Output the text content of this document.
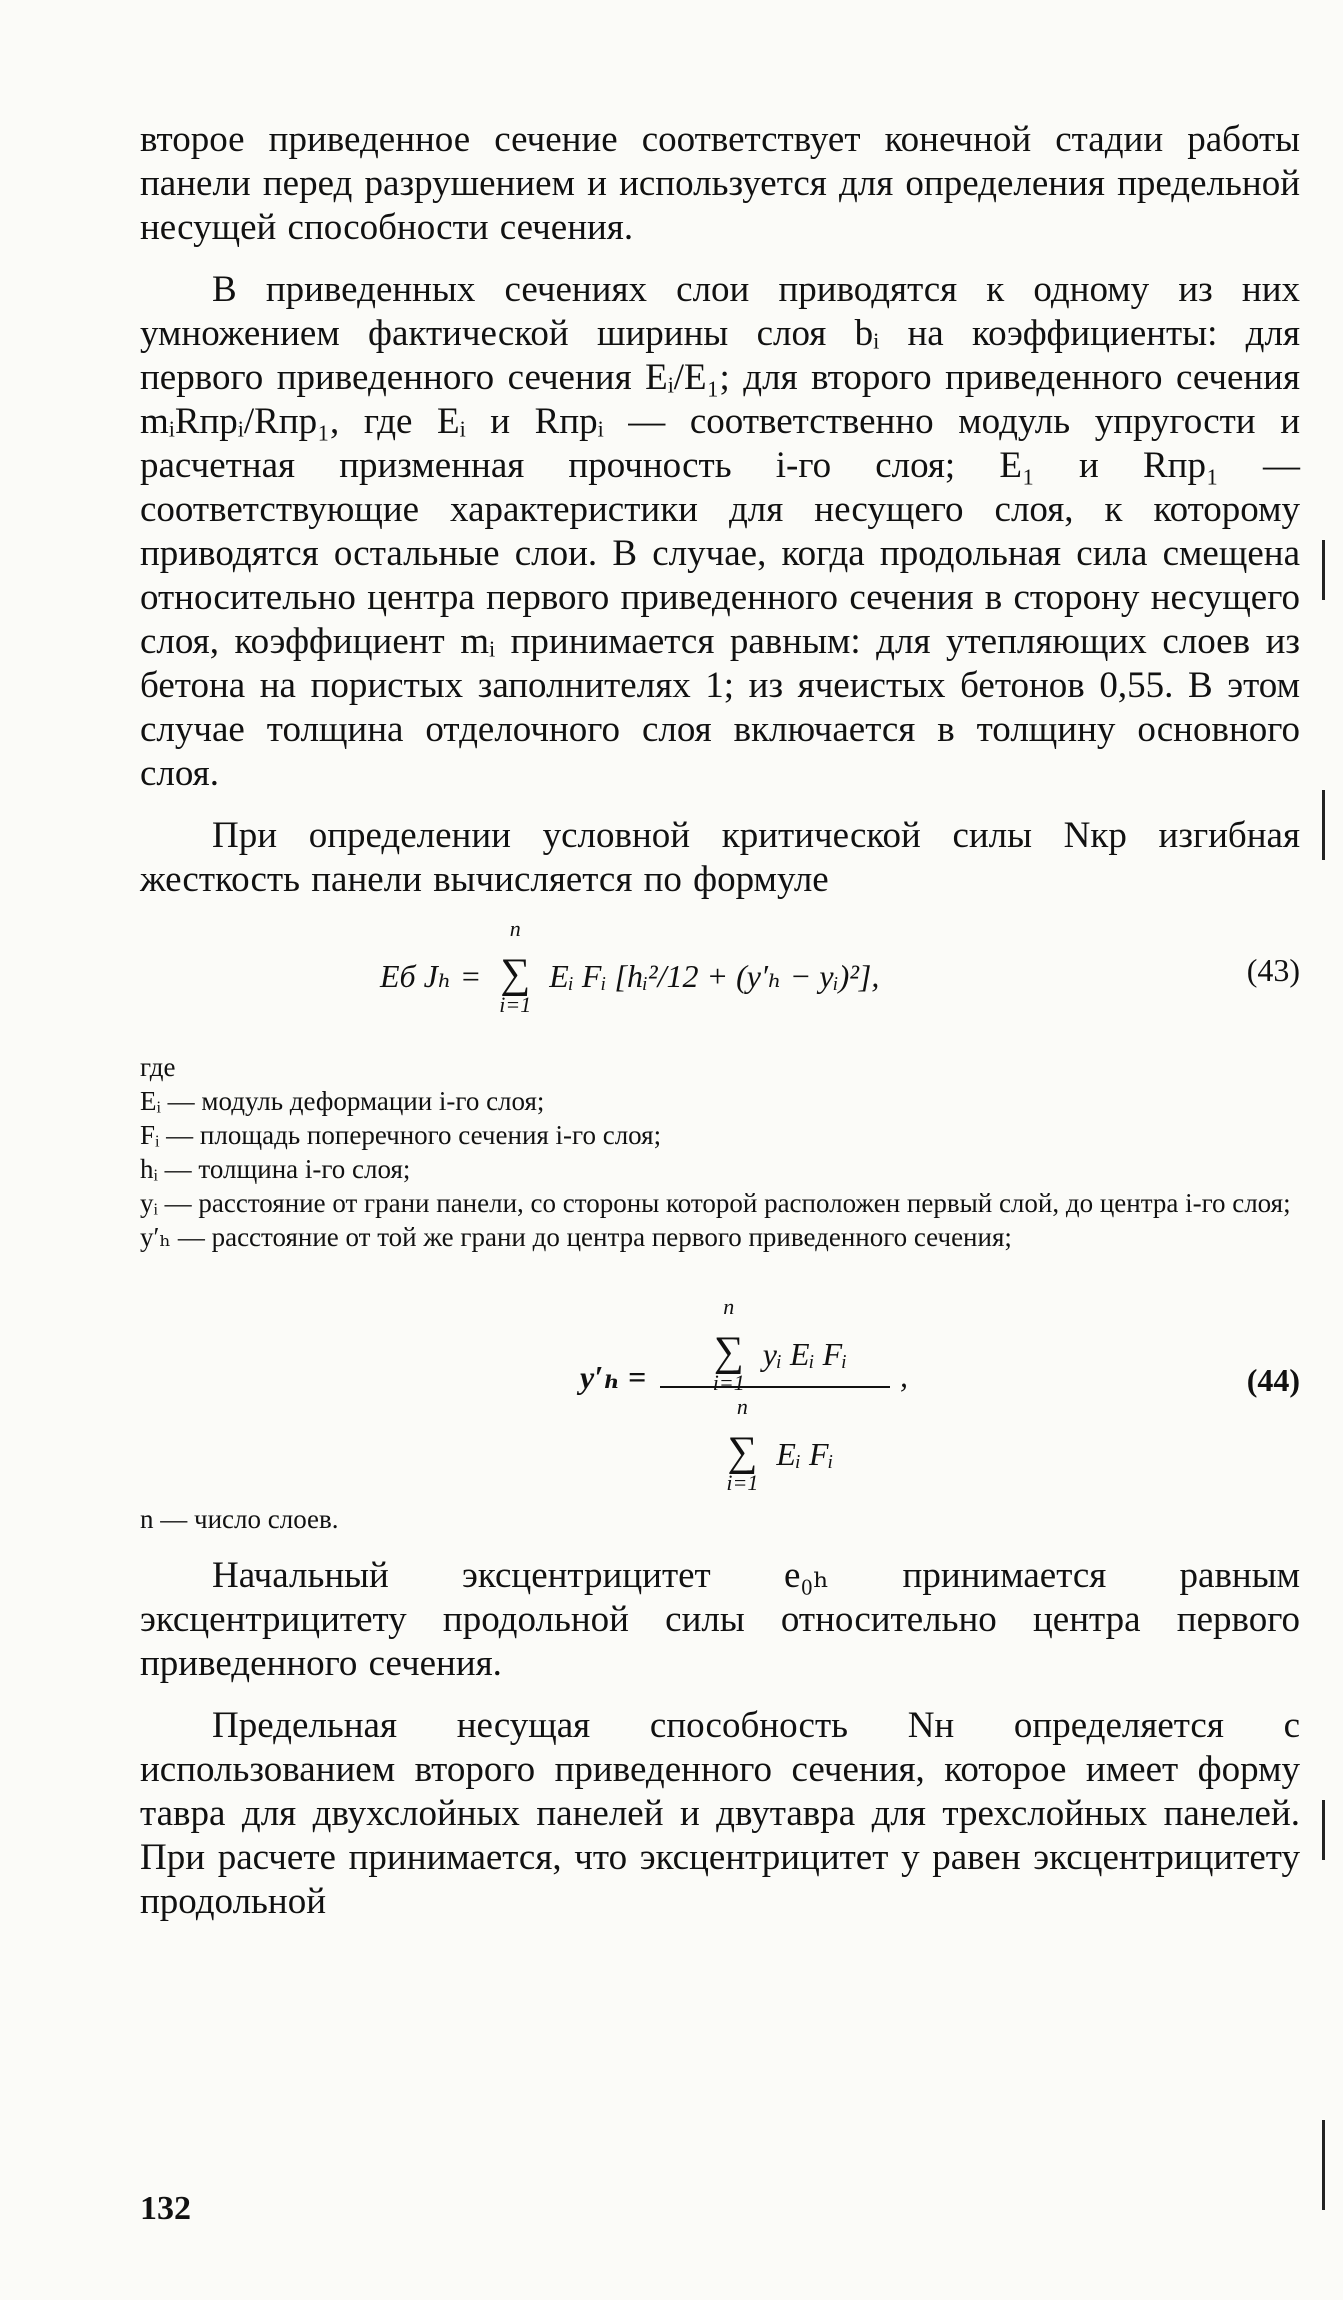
второе приведенное сечение соответствует конечной стадии работы панели перед разрушением и используется для определения предельной несущей способности сечения.

В приведенных сечениях слои приводятся к одному из них умножением фактической ширины слоя bᵢ на коэффициенты: для первого приведенного сечения Eᵢ/E₁; для второго приведенного сечения mᵢRпрᵢ/Rпр₁, где Eᵢ и Rпрᵢ — соответственно модуль упругости и расчетная призменная прочность i-го слоя; E₁ и Rпр₁ — соответствующие характеристики для несущего слоя, к которому приводятся остальные слои. В случае, когда продольная сила смещена относительно центра первого приведенного сечения в сторону несущего слоя, коэффициент mᵢ принимается равным: для утепляющих слоев из бетона на пористых заполнителях 1; из ячеистых бетонов 0,55. В этом случае толщина отделочного слоя включается в толщину основного слоя.

При определении условной критической силы Nкр изгибная жесткость панели вычисляется по формуле

Eб Jₕ =
n
∑
i=1
Eᵢ Fᵢ [hᵢ²/12 + (y′ₕ − yᵢ)²],	(43)

где

Eᵢ — модуль деформации i-го слоя;

Fᵢ — площадь поперечного сечения i-го слоя;

hᵢ — толщина i-го слоя;

yᵢ — расстояние от грани панели, со стороны которой расположен первый слой, до центра i-го слоя;

y′ₕ — расстояние от той же грани до центра первого приведенного сечения;

y′ₕ =
n
∑
i=1
yᵢ Eᵢ Fᵢ
n
∑
i=1
Eᵢ Fᵢ
,	(44)

n — число слоев.

Начальный эксцентрицитет e₀ₕ принимается равным эксцентрицитету продольной силы относительно центра первого приведенного сечения.

Предельная несущая способность Nн определяется с использованием второго приведенного сечения, которое имеет форму тавра для двухслойных панелей и двутавра для трехслойных панелей. При расчете принимается, что эксцентрицитет y равен эксцентрицитету продольной

132
